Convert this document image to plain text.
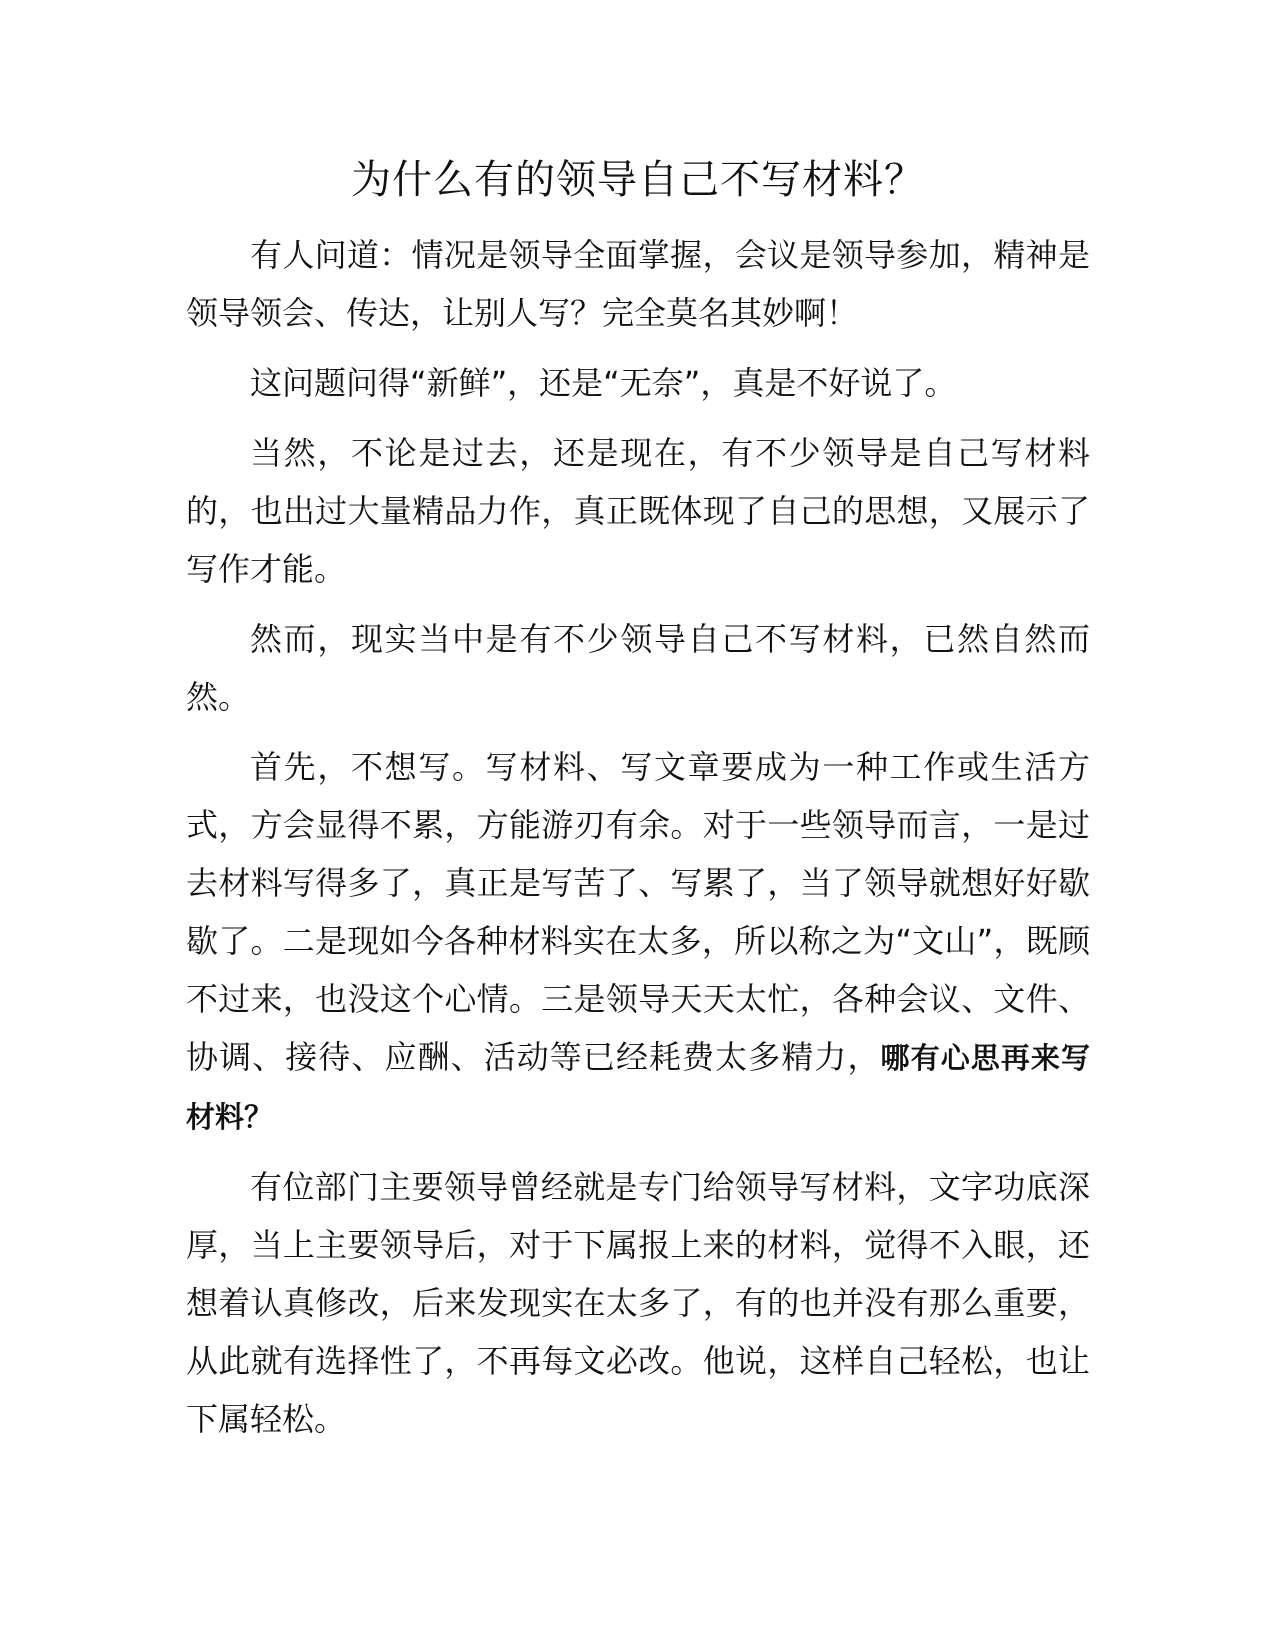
为什么有的领导自己不写材料？

有人问道：情况是领导全面掌握，会议是领导参加，精神是领导领会、传达，让别人写？完全莫名其妙啊！

这问题问得“新鲜”，还是“无奈”，真是不好说了。

当然，不论是过去，还是现在，有不少领导是自己写材料的，也出过大量精品力作，真正既体现了自己的思想，又展示了写作才能。

然而，现实当中是有不少领导自己不写材料，已然自然而然。

首先，不想写。写材料、写文章要成为一种工作或生活方式，方会显得不累，方能游刃有余。对于一些领导而言，一是过去材料写得多了，真正是写苦了、写累了，当了领导就想好好歇歇了。二是现如今各种材料实在太多，所以称之为“文山”，既顾不过来，也没这个心情。三是领导天天太忙，各种会议、文件、协调、接待、应酬、活动等已经耗费太多精力，哪有心思再来写材料？

有位部门主要领导曾经就是专门给领导写材料，文字功底深厚，当上主要领导后，对于下属报上来的材料，觉得不入眼，还想着认真修改，后来发现实在太多了，有的也并没有那么重要，从此就有选择性了，不再每文必改。他说，这样自己轻松，也让下属轻松。
